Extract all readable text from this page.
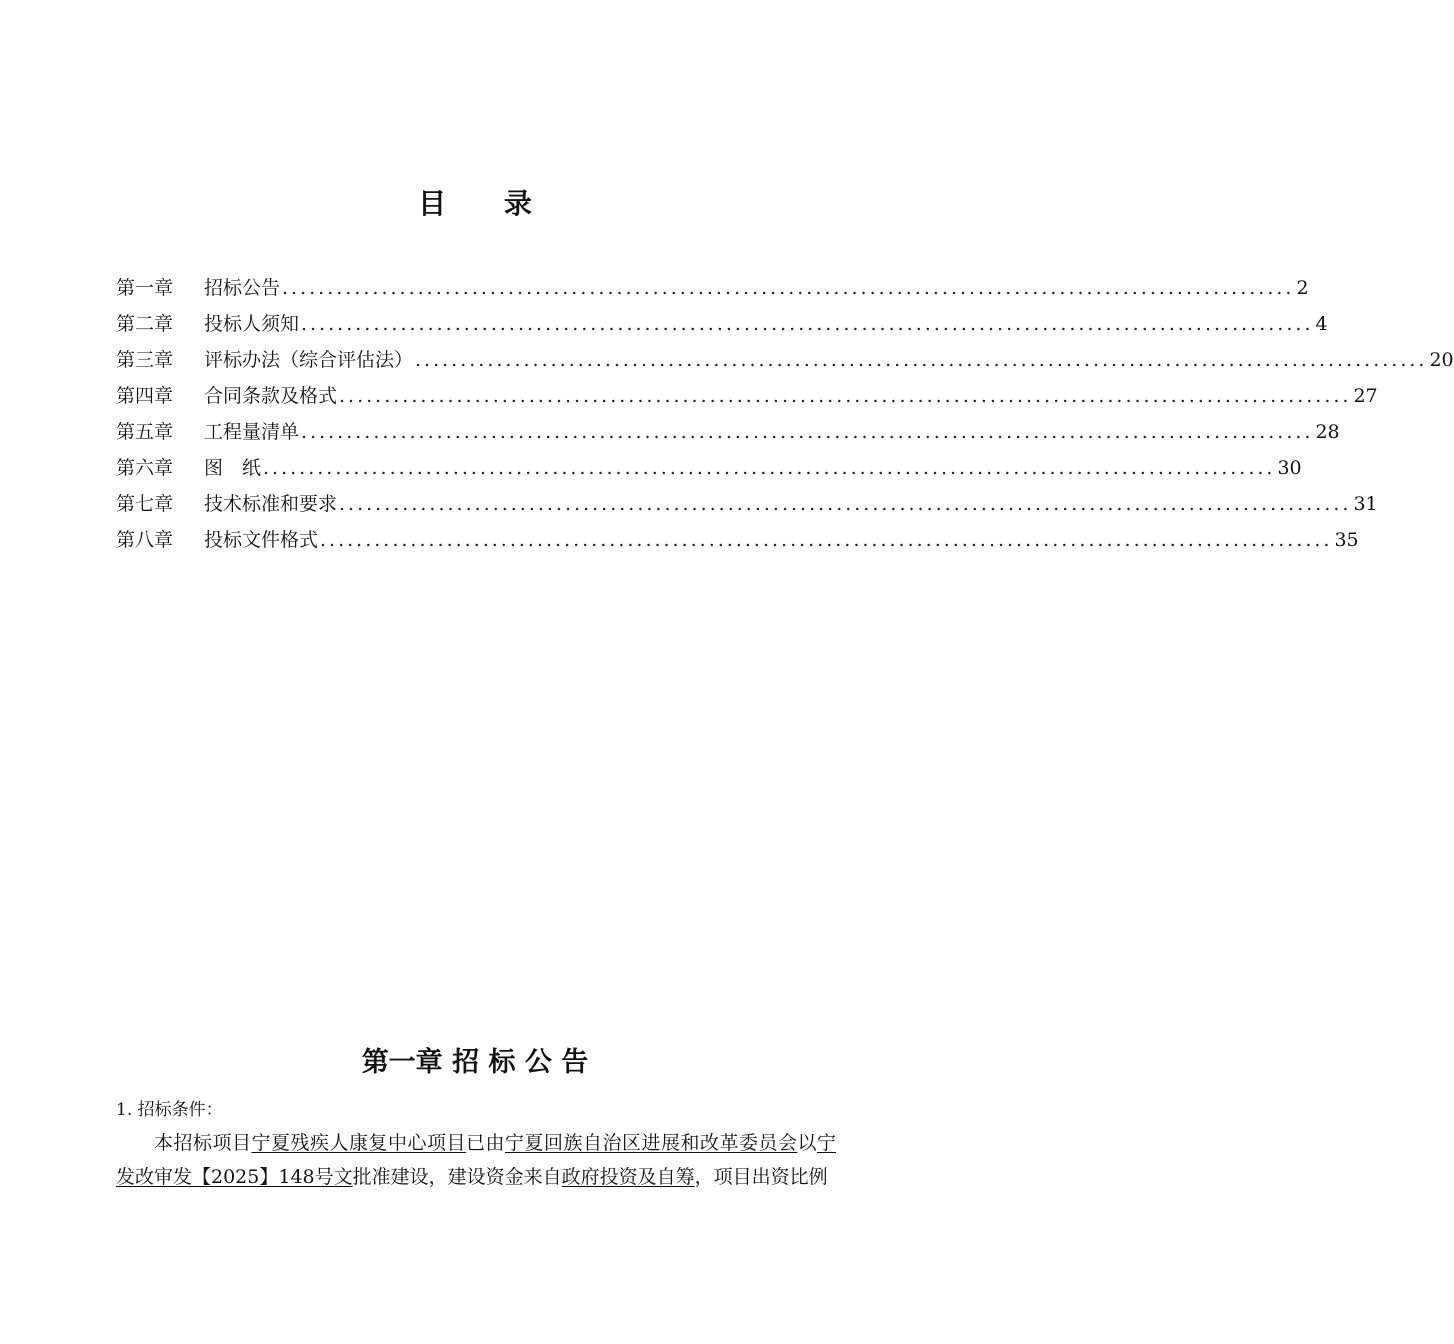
目 录
第一章	招标公告 ................................................................................................................ 2
第二章	投标人须知 ................................................................................................................ 4
第三章	评标办法（综合评估法） ................................................................................................................ 20
第四章	合同条款及格式 ................................................................................................................ 27
第五章	工程量清单 ................................................................................................................ 28
第六章	图　纸 ................................................................................................................ 30
第七章	技术标准和要求 ................................................................................................................ 31
第八章	投标文件格式 ................................................................................................................ 35
第一章 招 标 公 告
1. 招标条件：

本招标项目宁夏残疾人康复中心项目已由宁夏回族自治区进展和改革委员会以宁发改审发【2025】148号文批准建设，建设资金来自政府投资及自筹，项目出资比例
